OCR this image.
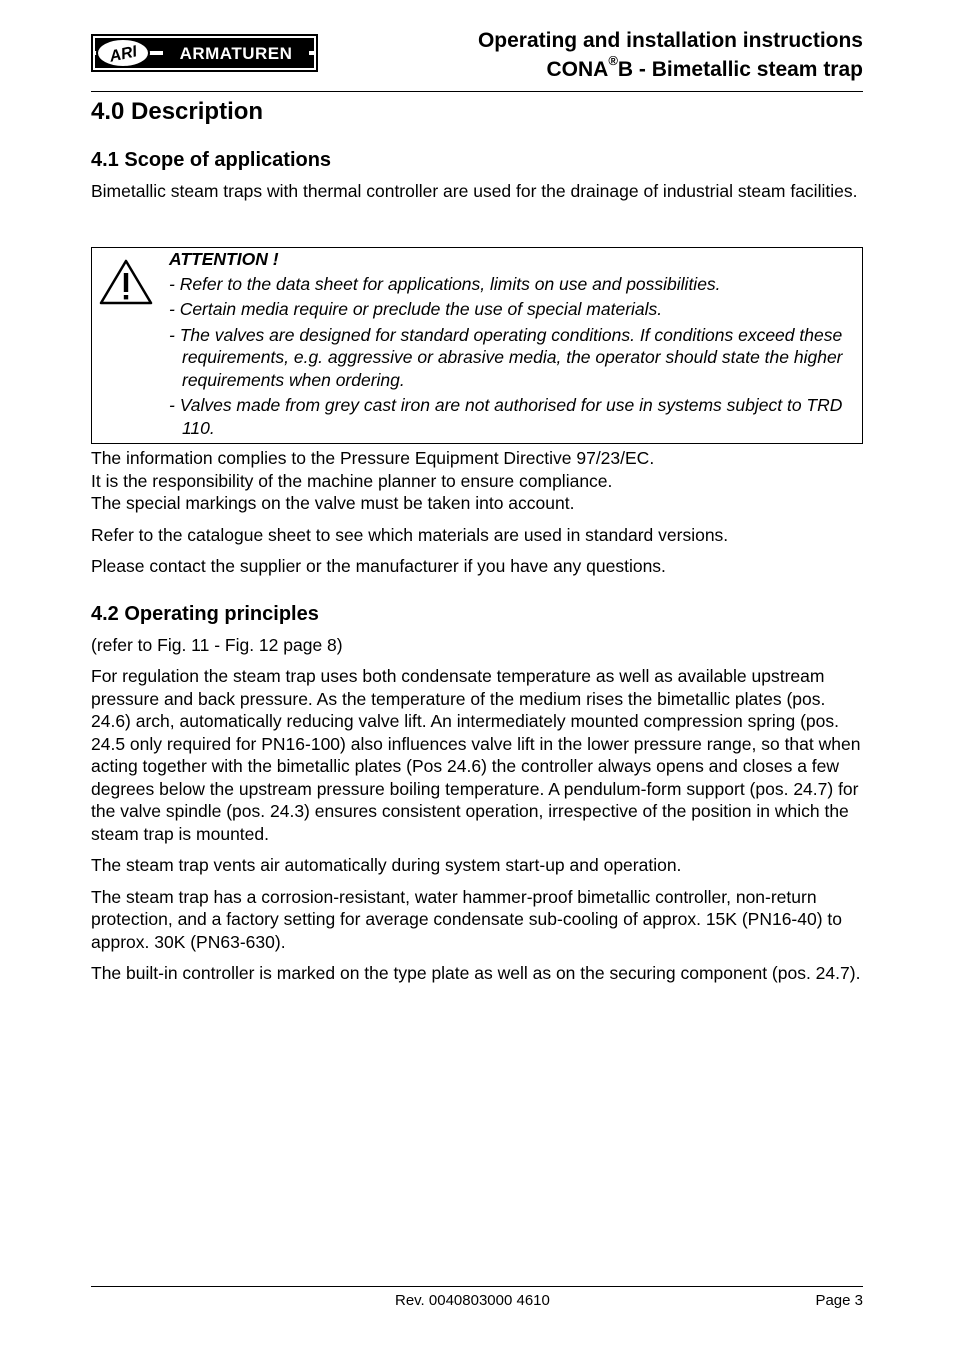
ARI ARMATUREN
Operating and installation instructions
CONA®B - Bimetallic steam trap
4.0 Description
4.1 Scope of applications

Bimetallic steam traps with thermal controller are used for the drainage of industrial steam facilities.

ATTENTION !
- Refer to the data sheet for applications, limits on use and possibilities.
- Certain media require or preclude the use of special materials.
- The valves are designed for standard operating conditions. If conditions exceed these requirements, e.g. aggressive or abrasive media, the operator should state the higher requirements when ordering.
- Valves made from grey cast iron are not authorised for use in systems subject to TRD 110.

The information complies to the Pressure Equipment Directive 97/23/EC.

It is the responsibility of the machine planner to ensure compliance.

The special markings on the valve must be taken into account.

Refer to the catalogue sheet to see which materials are used in standard versions.

Please contact the supplier or the manufacturer if you have any questions.

4.2 Operating principles

(refer to Fig. 11 - Fig. 12 page 8)

For regulation the steam trap uses both condensate temperature as well as available upstream pressure and back pressure. As the temperature of the medium rises the bimetallic plates (pos. 24.6) arch, automatically reducing valve lift. An intermediately mounted compression spring (pos. 24.5 only required for PN16-100) also influences valve lift in the lower pressure range, so that when acting together with the bimetallic plates (Pos 24.6) the controller always opens and closes a few degrees below the upstream pressure boiling temperature. A pendulum-form support (pos. 24.7) for the valve spindle (pos. 24.3) ensures consistent operation, irrespective of the position in which the steam trap is mounted.

The steam trap vents air automatically during system start-up and operation.

The steam trap has a corrosion-resistant, water hammer-proof bimetallic controller, non-return protection, and a factory setting for average condensate sub-cooling of approx. 15K (PN16-40) to approx. 30K (PN63-630).

The built-in controller is marked on the type plate as well as on the securing component (pos. 24.7).

Rev. 0040803000 4610	Page 3
